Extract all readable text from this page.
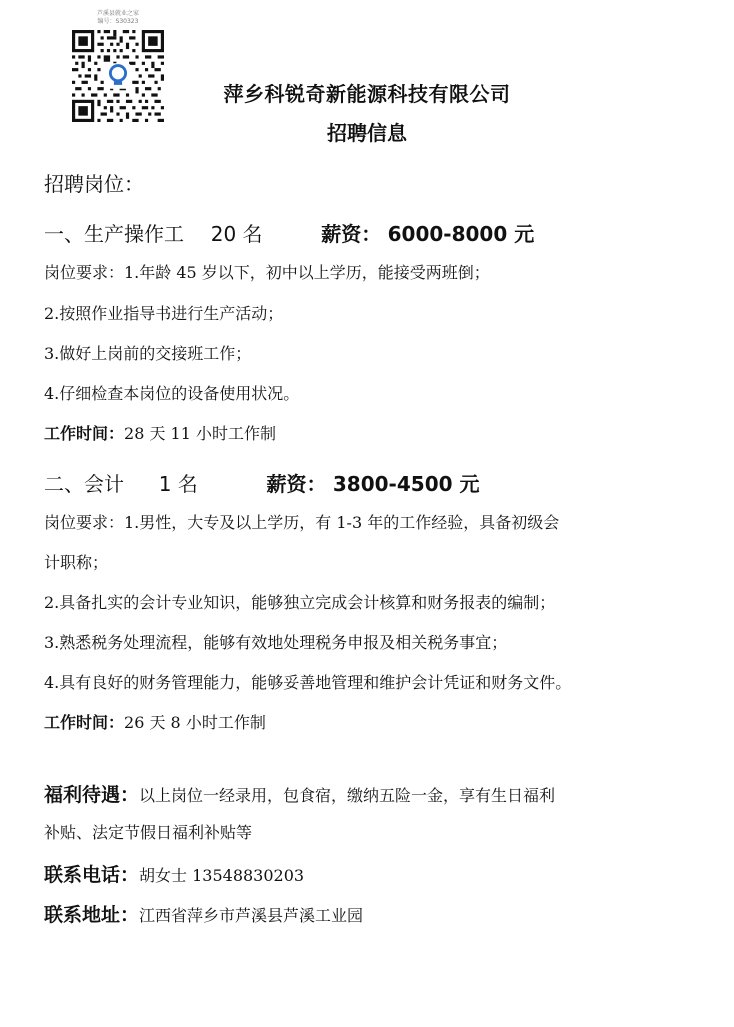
芦溪县就业之家
编号：S30323
萍乡科锐奇新能源科技有限公司
招聘信息
招聘岗位：
一、生产操作工 20 名	薪资： 6000-8000 元
岗位要求：1.年龄 45 岁以下，初中以上学历，能接受两班倒；
2.按照作业指导书进行生产活动；
3.做好上岗前的交接班工作；
4.仔细检查本岗位的设备使用状况。
工作时间：28 天 11 小时工作制
二、会计 1 名	薪资： 3800-4500 元
岗位要求：1.男性，大专及以上学历，有 1-3 年的工作经验，具备初级会
计职称；
2.具备扎实的会计专业知识，能够独立完成会计核算和财务报表的编制；
3.熟悉税务处理流程，能够有效地处理税务申报及相关税务事宜；
4.具有良好的财务管理能力，能够妥善地管理和维护会计凭证和财务文件。
工作时间：26 天 8 小时工作制
福利待遇：以上岗位一经录用，包食宿，缴纳五险一金，享有生日福利
补贴、法定节假日福利补贴等
联系电话：胡女士 13548830203
联系地址：江西省萍乡市芦溪县芦溪工业园
